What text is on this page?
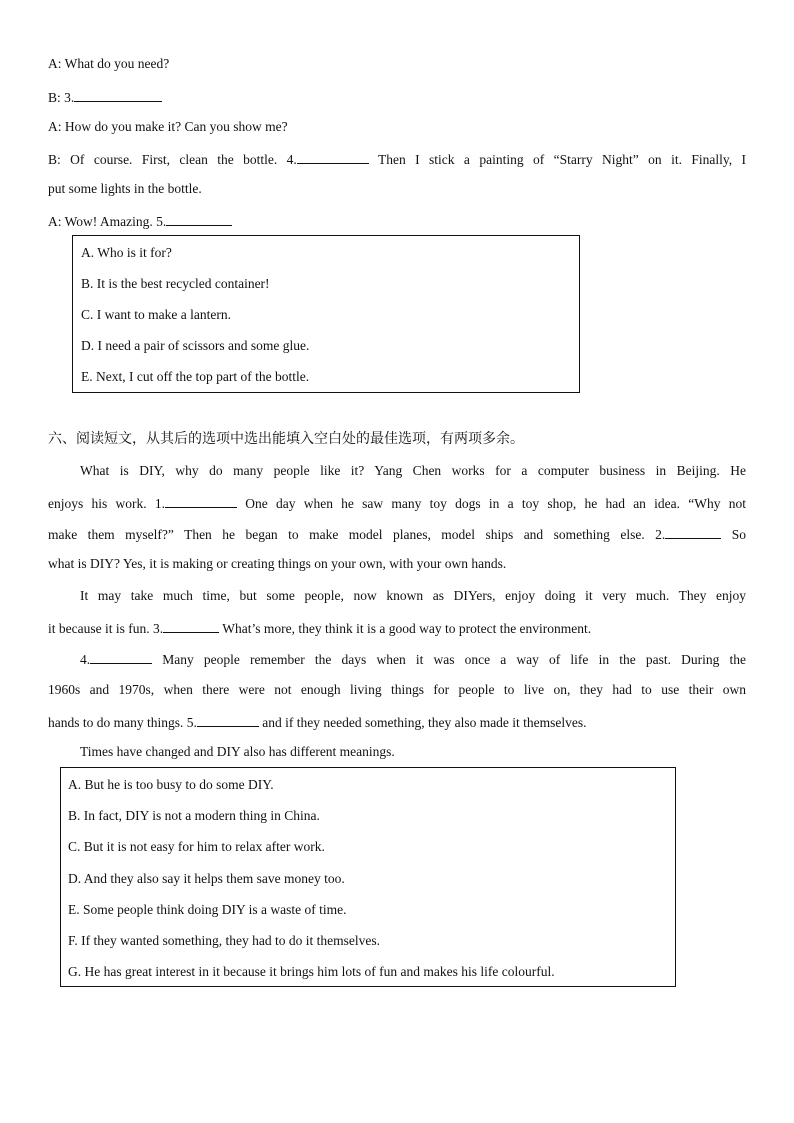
A: What do you need?
B: 3.
A: How do you make it? Can you show me?
B: Of course. First, clean the bottle. 4.	Then I stick a painting of “Starry Night” on it. Finally, I
put some lights in the bottle.
A: Wow! Amazing. 5.
A. Who is it for?
B. It is the best recycled container!
C. I want to make a lantern.
D. I need a pair of scissors and some glue.
E. Next, I cut off the top part of the bottle.
六、阅读短文，从其后的选项中选出能填入空白处的最佳选项，有两项多余。
What is DIY, why do many people like it? Yang Chen works for a computer business in Beijing. He
enjoys his work. 1.	One day when he saw many toy dogs in a toy shop, he had an idea. “Why not
make them myself?” Then he began to make model planes, model ships and something else. 2.	So
what is DIY? Yes, it is making or creating things on your own, with your own hands.
It may take much time, but some people, now known as DIYers, enjoy doing it very much. They enjoy
it because it is fun. 3.	What’s more, they think it is a good way to protect the environment.
4.	Many people remember the days when it was once a way of life in the past. During the
1960s and 1970s, when there were not enough living things for people to live on, they had to use their own
hands to do many things. 5.	and if they needed something, they also made it themselves.
Times have changed and DIY also has different meanings.
A. But he is too busy to do some DIY.
B. In fact, DIY is not a modern thing in China.
C. But it is not easy for him to relax after work.
D. And they also say it helps them save money too.
E. Some people think doing DIY is a waste of time.
F. If they wanted something, they had to do it themselves.
G. He has great interest in it because it brings him lots of fun and makes his life colourful.
